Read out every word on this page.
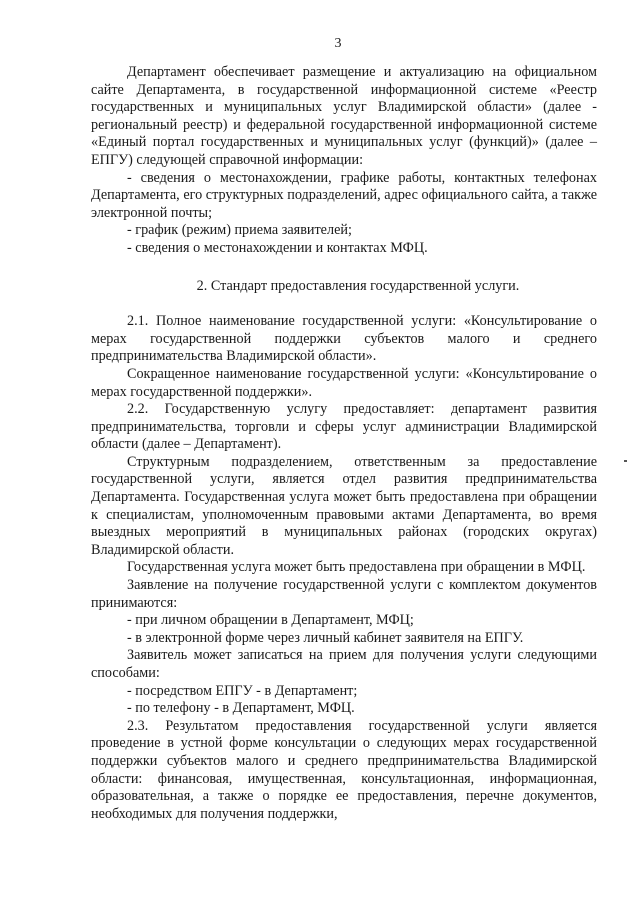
3

Департамент обеспечивает размещение и актуализацию на официальном сайте Департамента, в государственной информационной системе «Реестр государственных и муниципальных услуг Владимирской области» (далее - региональный реестр) и федеральной государственной информационной системе «Единый портал государственных и муниципальных услуг (функций)» (далее – ЕПГУ) следующей справочной информации:

- сведения о местонахождении, графике работы, контактных телефонах Департамента, его структурных подразделений, адрес официального сайта, а также электронной почты;

- график (режим) приема заявителей;

- сведения о местонахождении и контактах МФЦ.

2. Стандарт предоставления государственной услуги.

2.1. Полное наименование государственной услуги: «Консультирование о мерах государственной поддержки субъектов малого и среднего предпринимательства Владимирской области».

Сокращенное наименование государственной услуги: «Консультирование о мерах государственной поддержки».

2.2. Государственную услугу предоставляет: департамент развития предпринимательства, торговли и сферы услуг администрации Владимирской области (далее – Департамент).

Структурным подразделением, ответственным за предоставление государственной услуги, является отдел развития предпринимательства Департамента. Государственная услуга может быть предоставлена при обращении к специалистам, уполномоченным правовыми актами Департамента, во время выездных мероприятий в муниципальных районах (городских округах) Владимирской области.

Государственная услуга может быть предоставлена при обращении в МФЦ.

Заявление на получение государственной услуги с комплектом документов принимаются:

- при личном обращении в Департамент, МФЦ;

- в электронной форме через личный кабинет заявителя на ЕПГУ.

Заявитель может записаться на прием для получения услуги следующими способами:

- посредством ЕПГУ - в Департамент;

- по телефону - в Департамент, МФЦ.

2.3. Результатом предоставления государственной услуги является проведение в устной форме консультации о следующих мерах государственной поддержки субъектов малого и среднего предпринимательства Владимирской области: финансовая, имущественная, консультационная, информационная, образовательная, а также о порядке ее предоставления, перечне документов, необходимых для получения поддержки,
